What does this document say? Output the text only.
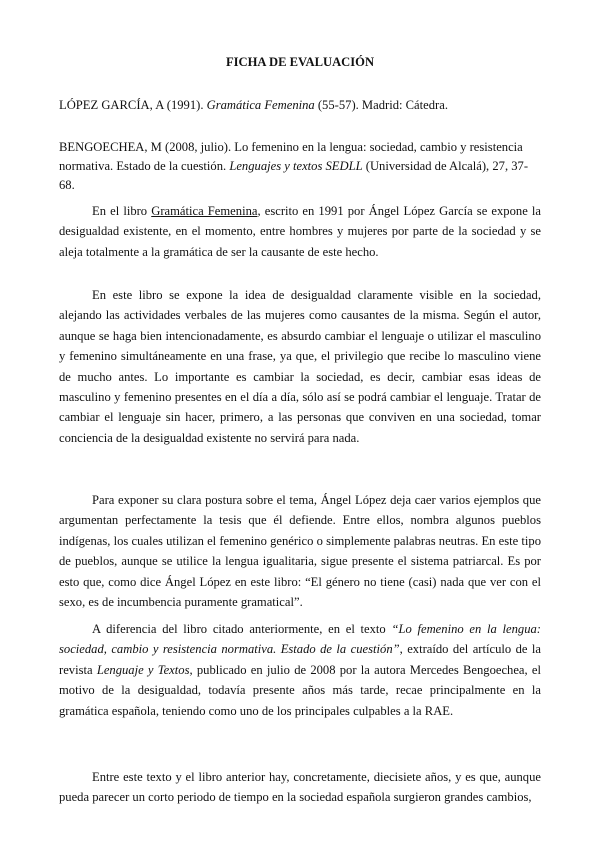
FICHA DE EVALUACIÓN

LÓPEZ GARCÍA, A (1991). Gramática Femenina (55-57). Madrid: Cátedra.

BENGOECHEA, M (2008, julio). Lo femenino en la lengua: sociedad, cambio y resistencia normativa. Estado de la cuestión. Lenguajes y textos SEDLL (Universidad de Alcalá), 27, 37-68.

En el libro Gramática Femenina, escrito en 1991 por Ángel López García se expone la desigualdad existente, en el momento, entre hombres y mujeres por parte de la sociedad y se aleja totalmente a la gramática de ser la causante de este hecho.

En este libro se expone la idea de desigualdad claramente visible en la sociedad, alejando las actividades verbales de las mujeres como causantes de la misma. Según el autor, aunque se haga bien intencionadamente, es absurdo cambiar el lenguaje o utilizar el masculino y femenino simultáneamente en una frase, ya que, el privilegio que recibe lo masculino viene de mucho antes. Lo importante es cambiar la sociedad, es decir, cambiar esas ideas de masculino y femenino presentes en el día a día, sólo así se podrá cambiar el lenguaje. Tratar de cambiar el lenguaje sin hacer, primero, a las personas que conviven en una sociedad, tomar conciencia de la desigualdad existente no servirá para nada.

Para exponer su clara postura sobre el tema, Ángel López deja caer varios ejemplos que argumentan perfectamente la tesis que él defiende. Entre ellos, nombra algunos pueblos indígenas, los cuales utilizan el femenino genérico o simplemente palabras neutras. En este tipo de pueblos, aunque se utilice la lengua igualitaria, sigue presente el sistema patriarcal. Es por esto que, como dice Ángel López en este libro: “El género no tiene (casi) nada que ver con el sexo, es de incumbencia puramente gramatical”.

A diferencia del libro citado anteriormente, en el texto “Lo femenino en la lengua: sociedad, cambio y resistencia normativa. Estado de la cuestión”, extraído del artículo de la revista Lenguaje y Textos, publicado en julio de 2008 por la autora Mercedes Bengoechea, el motivo de la desigualdad, todavía presente años más tarde, recae principalmente en la gramática española, teniendo como uno de los principales culpables a la RAE.

Entre este texto y el libro anterior hay, concretamente, diecisiete años, y es que, aunque pueda parecer un corto periodo de tiempo en la sociedad española surgieron grandes cambios,
